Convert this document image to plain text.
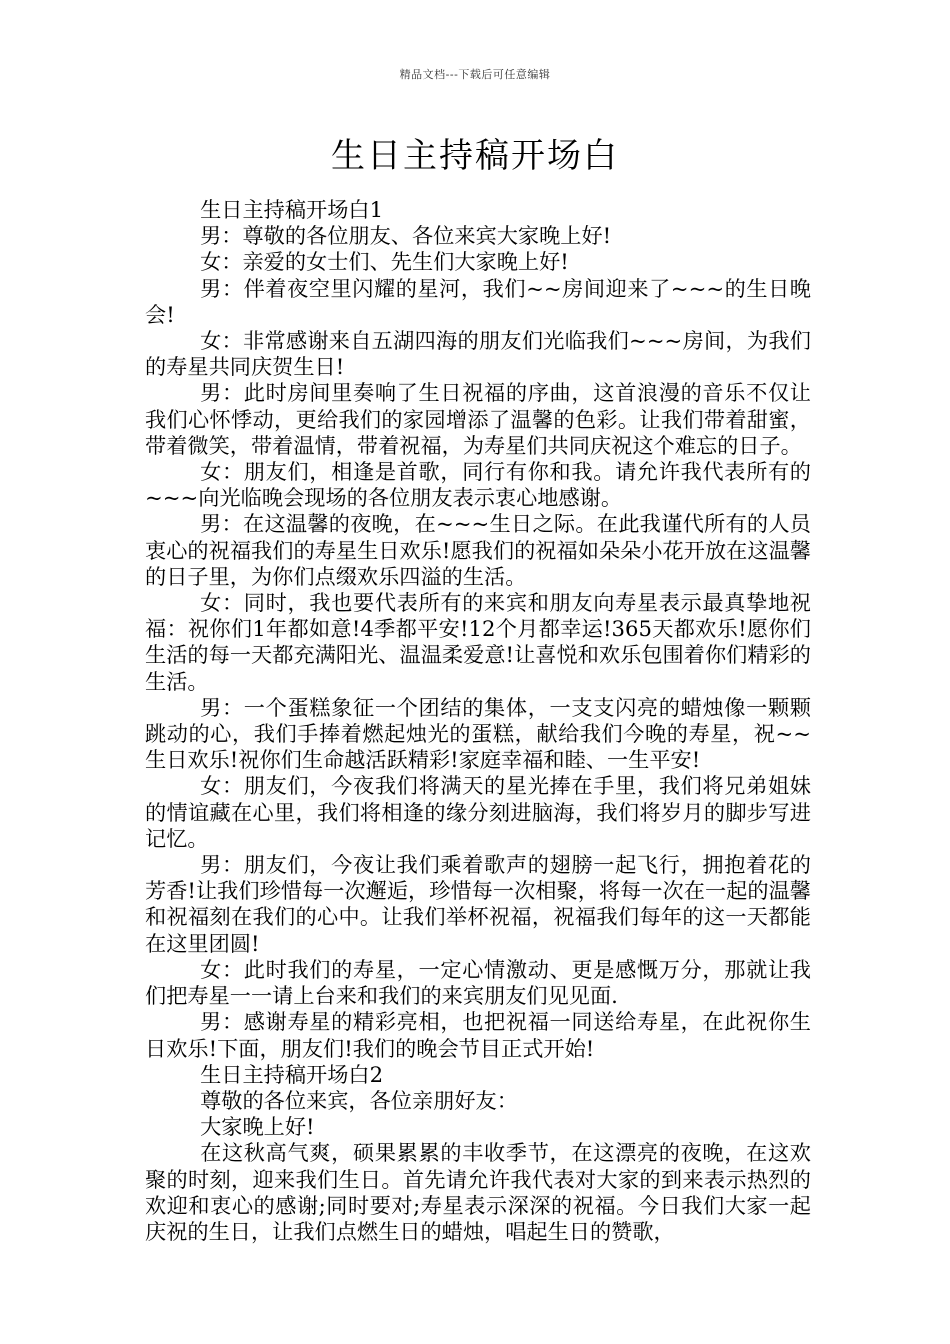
精品文档---下载后可任意编辑
生日主持稿开场白

生日主持稿开场白1

男：尊敬的各位朋友、各位来宾大家晚上好!

女：亲爱的女士们、先生们大家晚上好!

男：伴着夜空里闪耀的星河，我们~~房间迎来了~~~的生日晚会!

女：非常感谢来自五湖四海的朋友们光临我们~~~房间，为我们的寿星共同庆贺生日!

男：此时房间里奏响了生日祝福的序曲，这首浪漫的音乐不仅让我们心怀悸动，更给我们的家园增添了温馨的色彩。让我们带着甜蜜，带着微笑，带着温情，带着祝福，为寿星们共同庆祝这个难忘的日子。

女：朋友们，相逢是首歌，同行有你和我。请允许我代表所有的~~~向光临晚会现场的各位朋友表示衷心地感谢。

男：在这温馨的夜晚，在~~~生日之际。在此我谨代所有的人员衷心的祝福我们的寿星生日欢乐!愿我们的祝福如朵朵小花开放在这温馨的日子里，为你们点缀欢乐四溢的生活。

女：同时，我也要代表所有的来宾和朋友向寿星表示最真挚地祝福：祝你们1年都如意!4季都平安!12个月都幸运!365天都欢乐!愿你们生活的每一天都充满阳光、温温柔爱意!让喜悦和欢乐包围着你们精彩的生活。

男：一个蛋糕象征一个团结的集体，一支支闪亮的蜡烛像一颗颗跳动的心，我们手捧着燃起烛光的蛋糕，献给我们今晚的寿星，祝~~生日欢乐!祝你们生命越活跃精彩!家庭幸福和睦、一生平安!

女：朋友们，今夜我们将满天的星光捧在手里，我们将兄弟姐妹的情谊藏在心里，我们将相逢的缘分刻进脑海，我们将岁月的脚步写进记忆。

男：朋友们，今夜让我们乘着歌声的翅膀一起飞行，拥抱着花的芳香!让我们珍惜每一次邂逅，珍惜每一次相聚，将每一次在一起的温馨和祝福刻在我们的心中。让我们举杯祝福，祝福我们每年的这一天都能在这里团圆!

女：此时我们的寿星，一定心情激动、更是感慨万分，那就让我们把寿星一一请上台来和我们的来宾朋友们见见面.

男：感谢寿星的精彩亮相，也把祝福一同送给寿星，在此祝你生日欢乐!下面，朋友们!我们的晚会节目正式开始!

生日主持稿开场白2

尊敬的各位来宾，各位亲朋好友：

大家晚上好!

在这秋高气爽，硕果累累的丰收季节，在这漂亮的夜晚，在这欢聚的时刻，迎来我们生日。首先请允许我代表对大家的到来表示热烈的欢迎和衷心的感谢;同时要对;寿星表示深深的祝福。今日我们大家一起庆祝的生日，让我们点燃生日的蜡烛，唱起生日的赞歌，
